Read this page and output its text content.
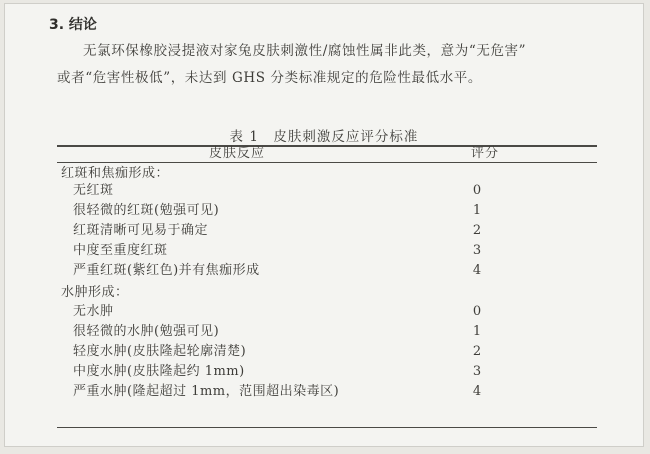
3. 结论
无氯环保橡胶浸提液对家兔皮肤刺激性/腐蚀性属非此类，意为“无危害”
或者“危害性极低”，未达到 GHS 分类标准规定的危险性最低水平。
表 1　皮肤刺激反应评分标准
皮肤反应	评分
红斑和焦痂形成：
无红斑	0
很轻微的红斑(勉强可见)	1
红斑清晰可见易于确定	2
中度至重度红斑	3
严重红斑(紫红色)并有焦痂形成	4
水肿形成：
无水肿	0
很轻微的水肿(勉强可见)	1
轻度水肿(皮肤隆起轮廓清楚)	2
中度水肿(皮肤隆起约 1mm)	3
严重水肿(隆起超过 1mm，范围超出染毒区)	4
